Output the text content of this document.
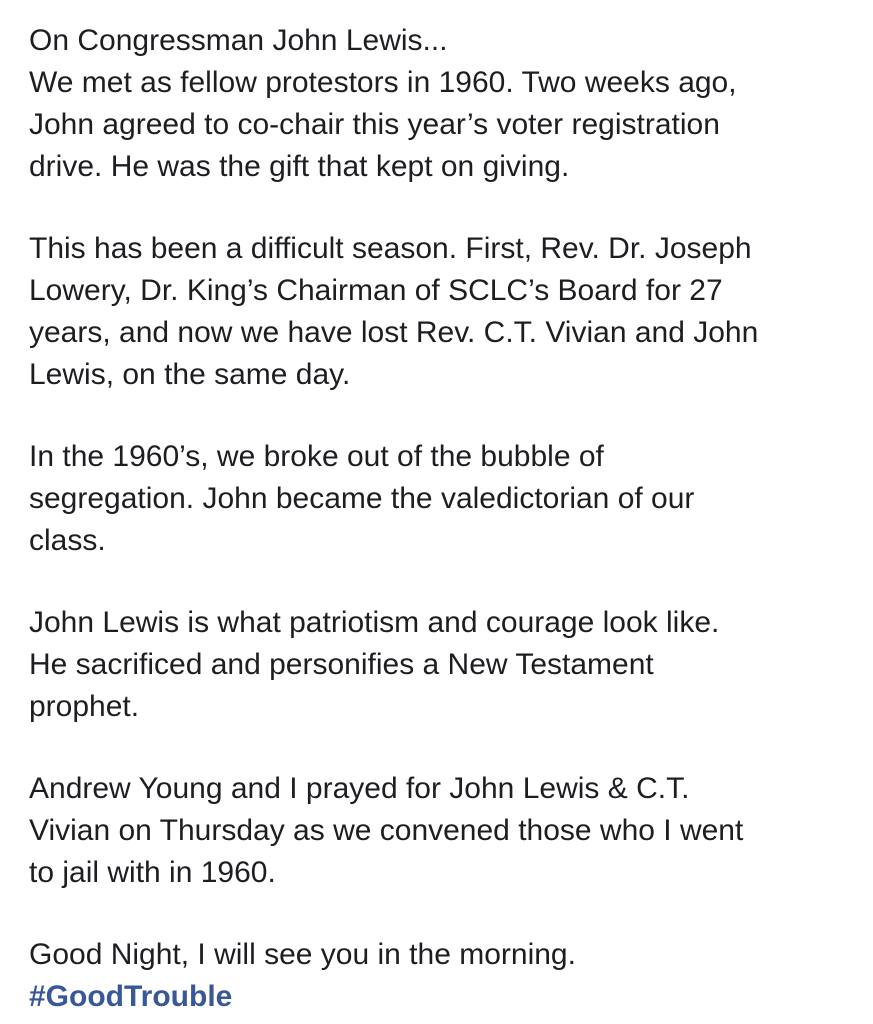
On Congressman John Lewis...
We met as fellow protestors in 1960. Two weeks ago,
John agreed to co-chair this year’s voter registration
drive. He was the gift that kept on giving.
This has been a difficult season. First, Rev. Dr. Joseph
Lowery, Dr. King’s Chairman of SCLC’s Board for 27
years, and now we have lost Rev. C.T. Vivian and John
Lewis, on the same day.
In the 1960’s, we broke out of the bubble of
segregation. John became the valedictorian of our
class.
John Lewis is what patriotism and courage look like.
He sacrificed and personifies a New Testament
prophet.
Andrew Young and I prayed for John Lewis & C.T.
Vivian on Thursday as we convened those who I went
to jail with in 1960.
Good Night, I will see you in the morning.
#GoodTrouble
